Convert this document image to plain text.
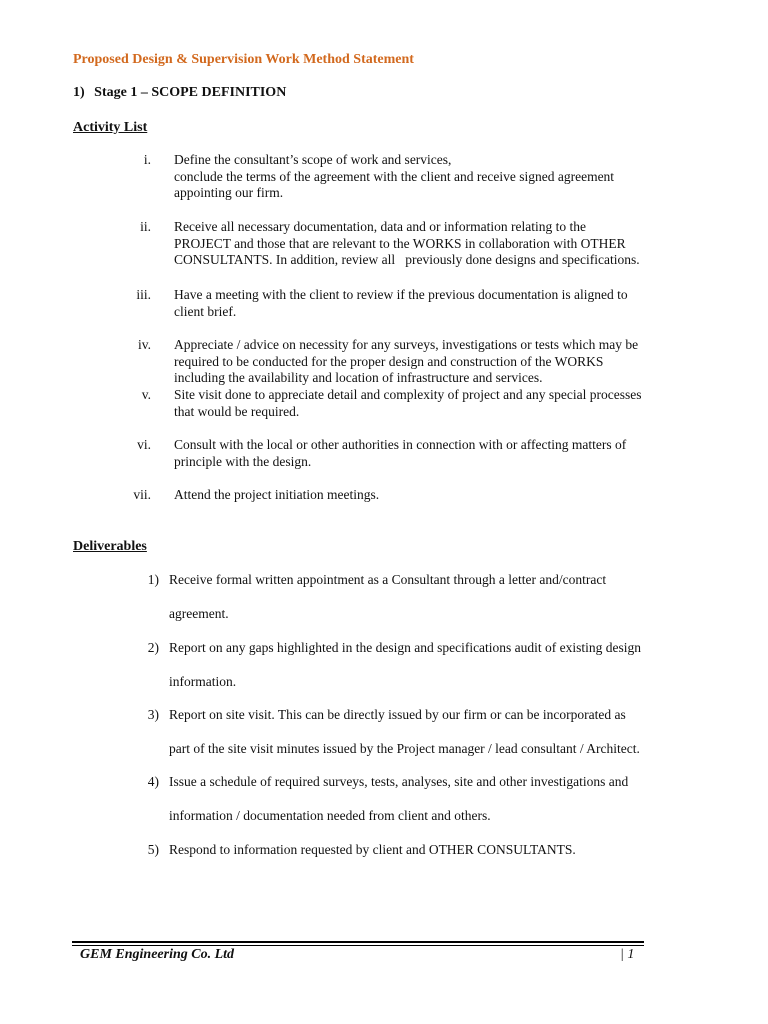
Proposed Design & Supervision Work Method Statement
1) Stage 1 – SCOPE DEFINITION
Activity List
i. Define the consultant’s scope of work and services,
conclude the terms of the agreement with the client and receive signed agreement
appointing our firm.
ii. Receive all necessary documentation, data and or information relating to the
PROJECT and those that are relevant to the WORKS in collaboration with OTHER
CONSULTANTS. In addition, review all   previously done designs and specifications.
iii. Have a meeting with the client to review if the previous documentation is aligned to
client brief.
iv. Appreciate / advice on necessity for any surveys, investigations or tests which may be
required to be conducted for the proper design and construction of the WORKS
including the availability and location of infrastructure and services.
v. Site visit done to appreciate detail and complexity of project and any special processes
that would be required.
vi. Consult with the local or other authorities in connection with or affecting matters of
principle with the design.
vii. Attend the project initiation meetings.
Deliverables
1) Receive formal written appointment as a Consultant through a letter and/contract
agreement.
2) Report on any gaps highlighted in the design and specifications audit of existing design
information.
3) Report on site visit. This can be directly issued by our firm or can be incorporated as
part of the site visit minutes issued by the Project manager / lead consultant / Architect.
4) Issue a schedule of required surveys, tests, analyses, site and other investigations and
information / documentation needed from client and others.
5) Respond to information requested by client and OTHER CONSULTANTS.
GEM Engineering Co. Ltd	| 1
